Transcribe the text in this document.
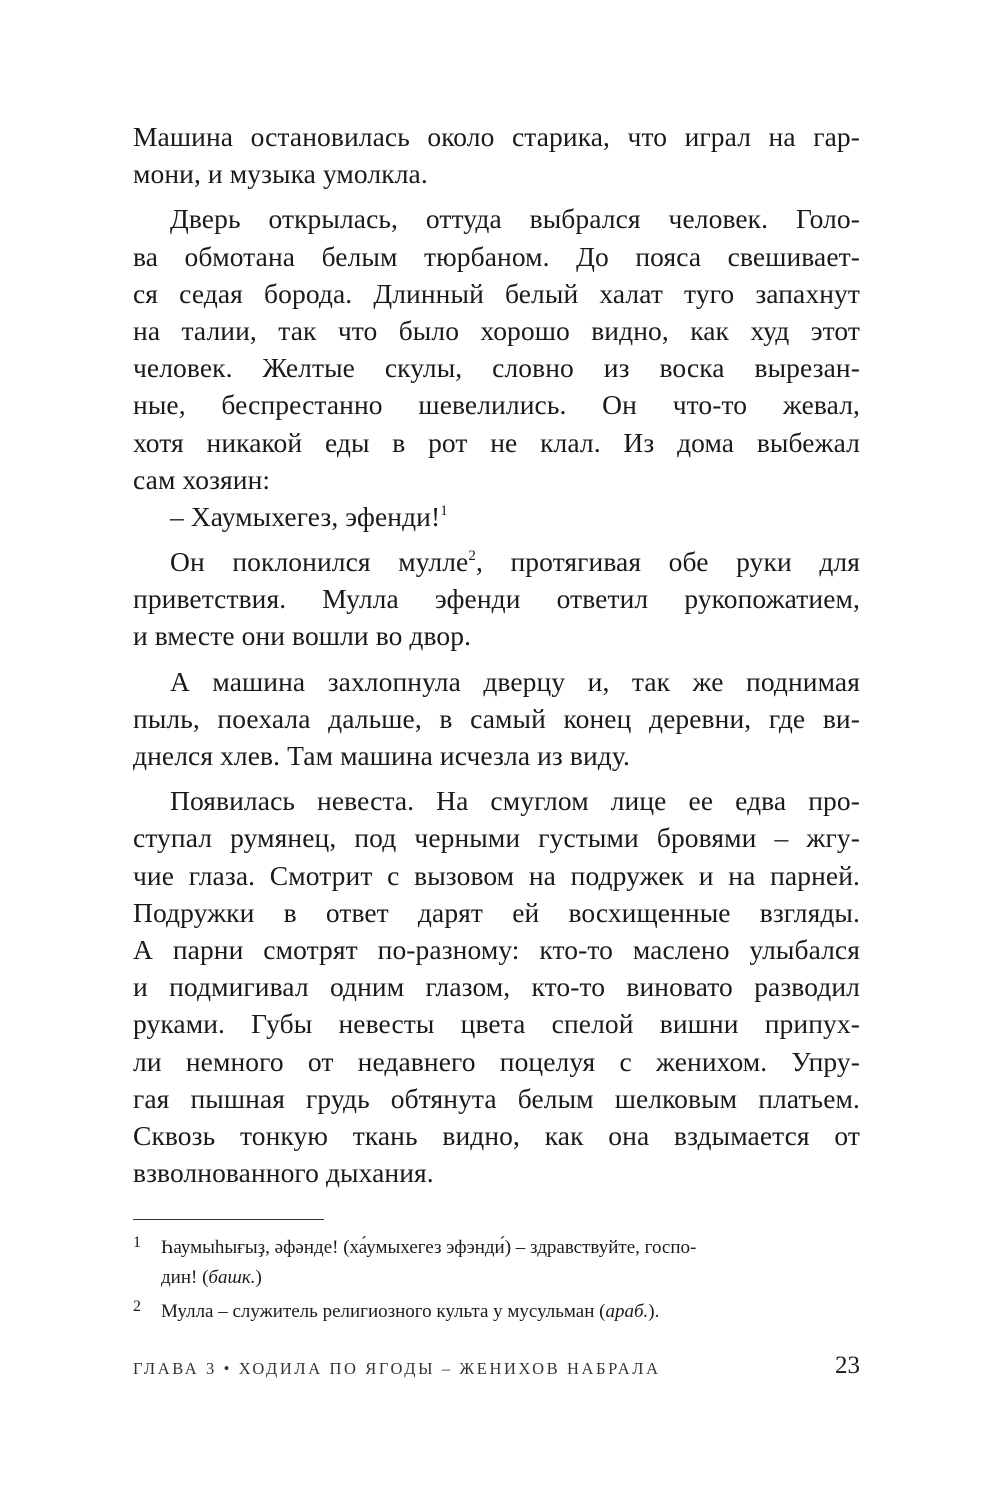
Машина остановилась около старика, что играл на гар-
мони, и музыка умолкла.
Дверь открылась, оттуда выбрался человек. Голо-
ва обмотана белым тюрбаном. До пояса свешивает-
ся седая борода. Длинный белый халат туго запахнут
на талии, так что было хорошо видно, как худ этот
человек. Желтые скулы, словно из воска вырезан-
ные, беспрестанно шевелились. Он что-то жевал,
хотя никакой еды в рот не клал. Из дома выбежал
сам хозяин:
– Хаумыхегез, эфенди!$^1$
Он поклонился мулле$^2$, протягивая обе руки для
приветствия. Мулла эфенди ответил рукопожатием,
и вместе они вошли во двор.
А машина захлопнула дверцу и, так же поднимая
пыль, поехала дальше, в самый конец деревни, где ви-
днелся хлев. Там машина исчезла из виду.
Появилась невеста. На смуглом лице ее едва про-
ступал румянец, под черными густыми бровями – жгу-
чие глаза. Смотрит с вызовом на подружек и на парней.
Подружки в ответ дарят ей восхищенные взгляды.
А парни смотрят по-разному: кто-то маслено улыбался
и подмигивал одним глазом, кто-то виновато разводил
руками. Губы невесты цвета спелой вишни припух-
ли немного от недавнего поцелуя с женихом. Упру-
гая пышная грудь обтянута белым шелковым платьем.
Сквозь тонкую ткань видно, как она вздымается от
взволнованного дыхания.
1 Һаумыһығыҙ, әфәнде! (ха́умыхегез эфэнди́) – здравствуйте, госпо-
дин! (башк.)
2 Мулла – служитель религиозного культа у мусульман (араб.).
ГЛАВА 3 • ХОДИЛА ПО ЯГОДЫ – ЖЕНИХОВ НАБРАЛА	23
